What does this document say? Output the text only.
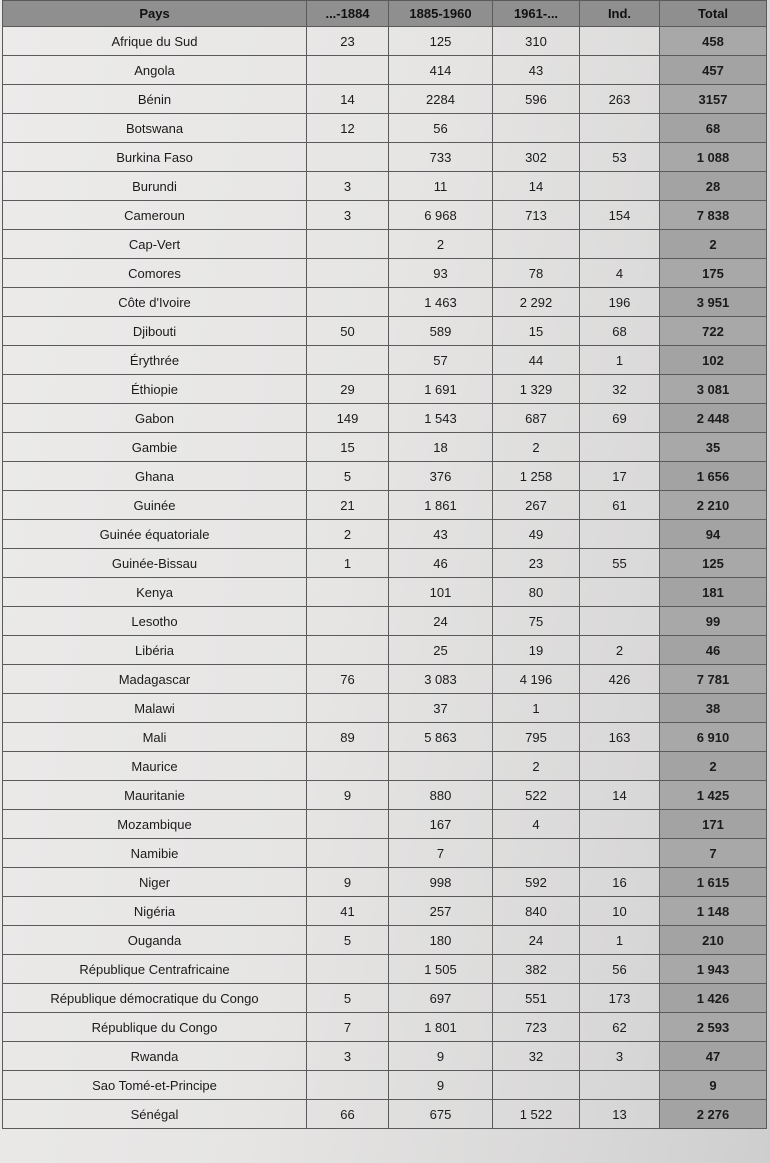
Pays	...-1884	1885-1960	1961-...	Ind.	Total
Afrique du Sud	23	125	310		458
Angola		414	43		457
Bénin	14	2284	596	263	3157
Botswana	12	56			68
Burkina Faso		733	302	53	1 088
Burundi	3	11	14		28
Cameroun	3	6 968	713	154	7 838
Cap-Vert		2			2
Comores		93	78	4	175
Côte d'Ivoire		1 463	2 292	196	3 951
Djibouti	50	589	15	68	722
Érythrée		57	44	1	102
Éthiopie	29	1 691	1 329	32	3 081
Gabon	149	1 543	687	69	2 448
Gambie	15	18	2		35
Ghana	5	376	1 258	17	1 656
Guinée	21	1 861	267	61	2 210
Guinée équatoriale	2	43	49		94
Guinée-Bissau	1	46	23	55	125
Kenya		101	80		181
Lesotho		24	75		99
Libéria		25	19	2	46
Madagascar	76	3 083	4 196	426	7 781
Malawi		37	1		38
Mali	89	5 863	795	163	6 910
Maurice			2		2
Mauritanie	9	880	522	14	1 425
Mozambique		167	4		171
Namibie		7			7
Niger	9	998	592	16	1 615
Nigéria	41	257	840	10	1 148
Ouganda	5	180	24	1	210
République Centrafricaine		1 505	382	56	1 943
République démocratique du Congo	5	697	551	173	1 426
République du Congo	7	1 801	723	62	2 593
Rwanda	3	9	32	3	47
Sao Tomé-et-Principe		9			9
Sénégal	66	675	1 522	13	2 276
